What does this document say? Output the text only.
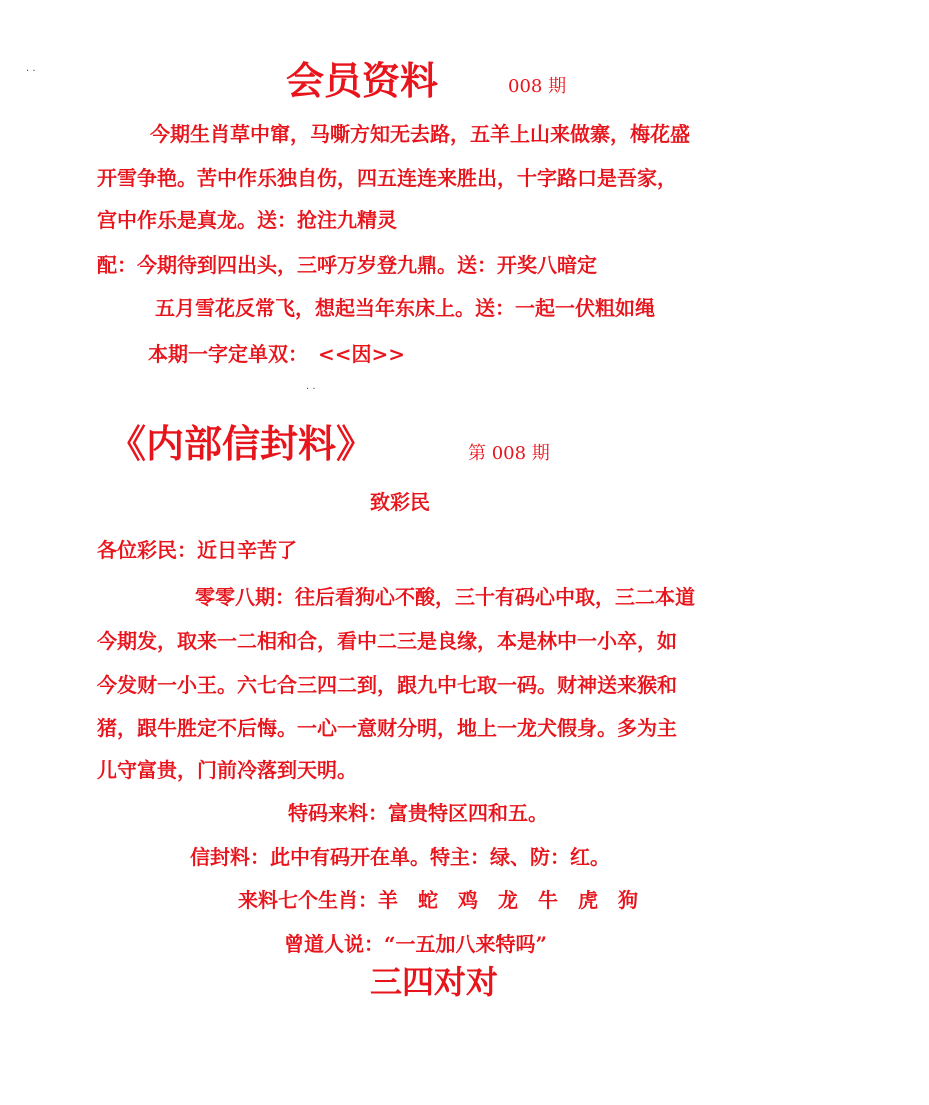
· ·	会员资料	008 期
今期生肖草中窜，马嘶方知无去路，五羊上山来做寨，梅花盛
开雪争艳。苦中作乐独自伤，四五连连来胜出，十字路口是吾家，
宫中作乐是真龙。送：抢注九精灵
配：今期待到四出头，三呼万岁登九鼎。送：开奖八暗定
五月雪花反常飞，想起当年东床上。送：一起一伏粗如绳
本期一字定单双：　<<因>>
· ·
《内部信封料》	第 008 期
致彩民
各位彩民：近日辛苦了
零零八期：往后看狗心不酸，三十有码心中取，三二本道
今期发，取来一二相和合，看中二三是良缘，本是林中一小卒，如
今发财一小王。六七合三四二到，跟九中七取一码。财神送来猴和
猪，跟牛胜定不后悔。一心一意财分明，地上一龙犬假身。多为主
儿守富贵，门前冷落到天明。
特码来料：富贵特区四和五。
信封料：此中有码开在单。特主：绿、防：红。
来料七个生肖：羊　蛇　鸡　龙　牛　虎　狗
曾道人说：“一五加八来特吗”
三四对对
